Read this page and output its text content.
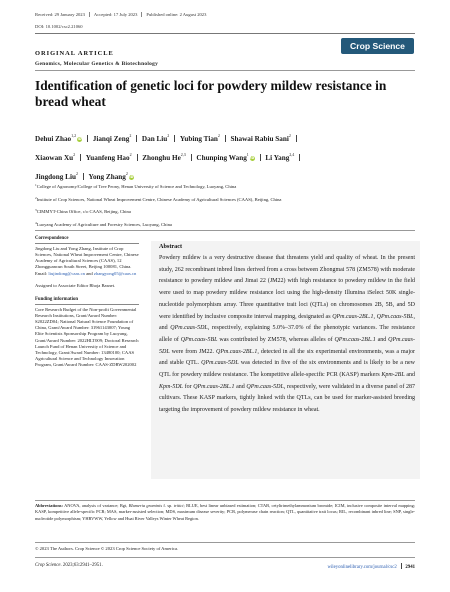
Received: 29 January 2023 Accepted: 17 July 2023 Published online: 2 August 2023
DOI: 10.1002/csc2.21060
ORIGINAL ARTICLE
Genomics, Molecular Genetics & Biotechnology
Crop Science
Identification of genetic loci for powdery mildew resistance in bread wheat
Dehui Zhao$^{1,2}$iD Jianqi Zeng$^2$ Dan Liu$^2$ Yubing Tian$^2$ Shawai Rabiu Sani$^2$
Xiaowan Xu$^2$ Yuanfeng Hao$^2$ Zhonghu He$^{2,3}$ Chunping Wang$^1$iD Li Yang$^{2,4}$
Jingdong Liu$^2$ Yong Zhang$^2$iD
$^1$College of Agronomy/College of Tree Peony, Henan University of Science and Technology, Luoyang, China
$^2$Institute of Crop Sciences, National Wheat Improvement Centre, Chinese Academy of Agricultural Sciences (CAAS), Beijing, China
$^3$CIMMYT-China Office, c/o CAAS, Beijing, China
$^4$Luoyang Academy of Agriculture and Forestry Sciences, Luoyang, China
Correspondence
Jingdong Liu and Yong Zhang, Institute of Crop Sciences, National Wheat Improvement Centre, Chinese Academy of Agricultural Sciences (CAAS), 12 Zhongguancun South Street, Beijing 100081, China.
Email: liujindong@caas.cn and zhangyong05@caas.cn
Assigned to Associate Editor Bhoja Basnet.
Funding information
Core Research Budget of the Non-profit Governmental Research Institutions, Grant/Award Number: S2022ZD04; National Natural Science Foundation of China, Grant/Award Number: 31961143007; Young Elite Scientists Sponsorship Program by Luoyang, Grant/Award Number: 2022HLT009; Doctoral Research Launch Fund of Henan University of Science and Technology, Grant/Award Number: 13480100; CAAS Agricultural Science and Technology Innovation Program, Grant/Award Number: CAAS-ZDRW202002
Abstract
Powdery mildew is a very destructive disease that threatens yield and quality of wheat. In the present study, 262 recombinant inbred lines derived from a cross between Zhongmai 578 (ZM578) with moderate resistance to powdery mildew and Jimai 22 (JM22) with high resistance to powdery mildew in the field were used to map powdery mildew resistance loci using the high-density Illumina iSelect 50K single-nucleotide polymorphism array. Three quantitative trait loci (QTLs) on chromosomes 2B, 5B, and 5D were identified by inclusive composite interval mapping, designated as QPm.caas-2BL.1, QPm.caas-5BL, and QPm.caas-5DL, respectively, explaining 5.0%–37.0% of the phenotypic variances. The resistance allele of QPm.caas-5BL was contributed by ZM578, whereas alleles of QPm.caas-2BL.1 and QPm.caas-5DL were from JM22. QPm.caas-2BL.1, detected in all the six experimental environments, was a major and stable QTL. QPm.caas-5DL was detected in five of the six environments and is likely to be a new QTL for powdery mildew resistance. The kompetitive allele-specific PCR (KASP) markers Kpm-2BL and Kpm-5DL for QPm.caas-2BL.1 and QPm.caas-5DL, respectively, were validated in a diverse panel of 287 cultivars. These KASP markers, tightly linked with the QTLs, can be used for marker-assisted breeding targeting the improvement of powdery mildew resistance in wheat.
Abbreviations: ANOVA, analysis of variance; Bgt, Blumeria graminis f. sp. tritici; BLUE, best linear unbiased estimation; CTAB, cetyltrimethylammonium bromide; ICIM, inclusive composite interval mapping; KASP, kompetitive allele-specific PCR; MAS, marker-assisted selection; MDS, maximum disease severity; PCR, polymerase chain reaction; QTL, quantitative trait locus; RIL, recombinant inbred line; SNP, single-nucleotide polymorphism; YHRVWW, Yellow and Huai River Valleys Winter Wheat Region.
© 2023 The Authors. Crop Science © 2023 Crop Science Society of America.
Crop Science. 2023;63:2941–2951.	wileyonlinelibrary.com/journal/csc2 2941
